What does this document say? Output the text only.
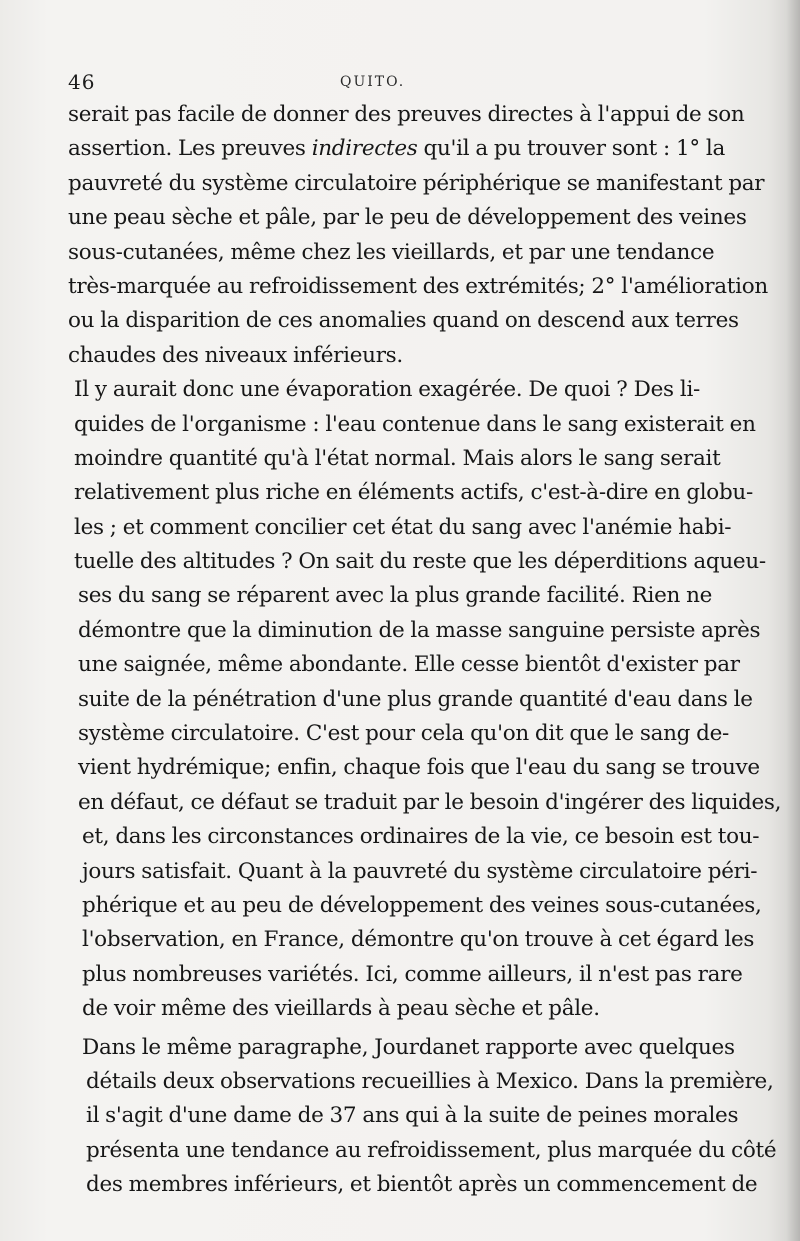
46	QUITO.
serait pas facile de donner des preuves directes à l'appui de son
assertion. Les preuves indirectes qu'il a pu trouver sont : 1° la
pauvreté du système circulatoire périphérique se manifestant par
une peau sèche et pâle, par le peu de développement des veines
sous-cutanées, même chez les vieillards, et par une tendance
très-marquée au refroidissement des extrémités; 2° l'amélioration
ou la disparition de ces anomalies quand on descend aux terres
chaudes des niveaux inférieurs.
Il y aurait donc une évaporation exagérée. De quoi ? Des li-
quides de l'organisme : l'eau contenue dans le sang existerait en
moindre quantité qu'à l'état normal. Mais alors le sang serait
relativement plus riche en éléments actifs, c'est-à-dire en globu-
les ; et comment concilier cet état du sang avec l'anémie habi-
tuelle des altitudes ? On sait du reste que les déperditions aqueu-
ses du sang se réparent avec la plus grande facilité. Rien ne
démontre que la diminution de la masse sanguine persiste après
une saignée, même abondante. Elle cesse bientôt d'exister par
suite de la pénétration d'une plus grande quantité d'eau dans le
système circulatoire. C'est pour cela qu'on dit que le sang de-
vient hydrémique; enfin, chaque fois que l'eau du sang se trouve
en défaut, ce défaut se traduit par le besoin d'ingérer des liquides,
et, dans les circonstances ordinaires de la vie, ce besoin est tou-
jours satisfait. Quant à la pauvreté du système circulatoire péri-
phérique et au peu de développement des veines sous-cutanées,
l'observation, en France, démontre qu'on trouve à cet égard les
plus nombreuses variétés. Ici, comme ailleurs, il n'est pas rare
de voir même des vieillards à peau sèche et pâle.
Dans le même paragraphe, Jourdanet rapporte avec quelques
détails deux observations recueillies à Mexico. Dans la première,
il s'agit d'une dame de 37 ans qui à la suite de peines morales
présenta une tendance au refroidissement, plus marquée du côté
des membres inférieurs, et bientôt après un commencement de
